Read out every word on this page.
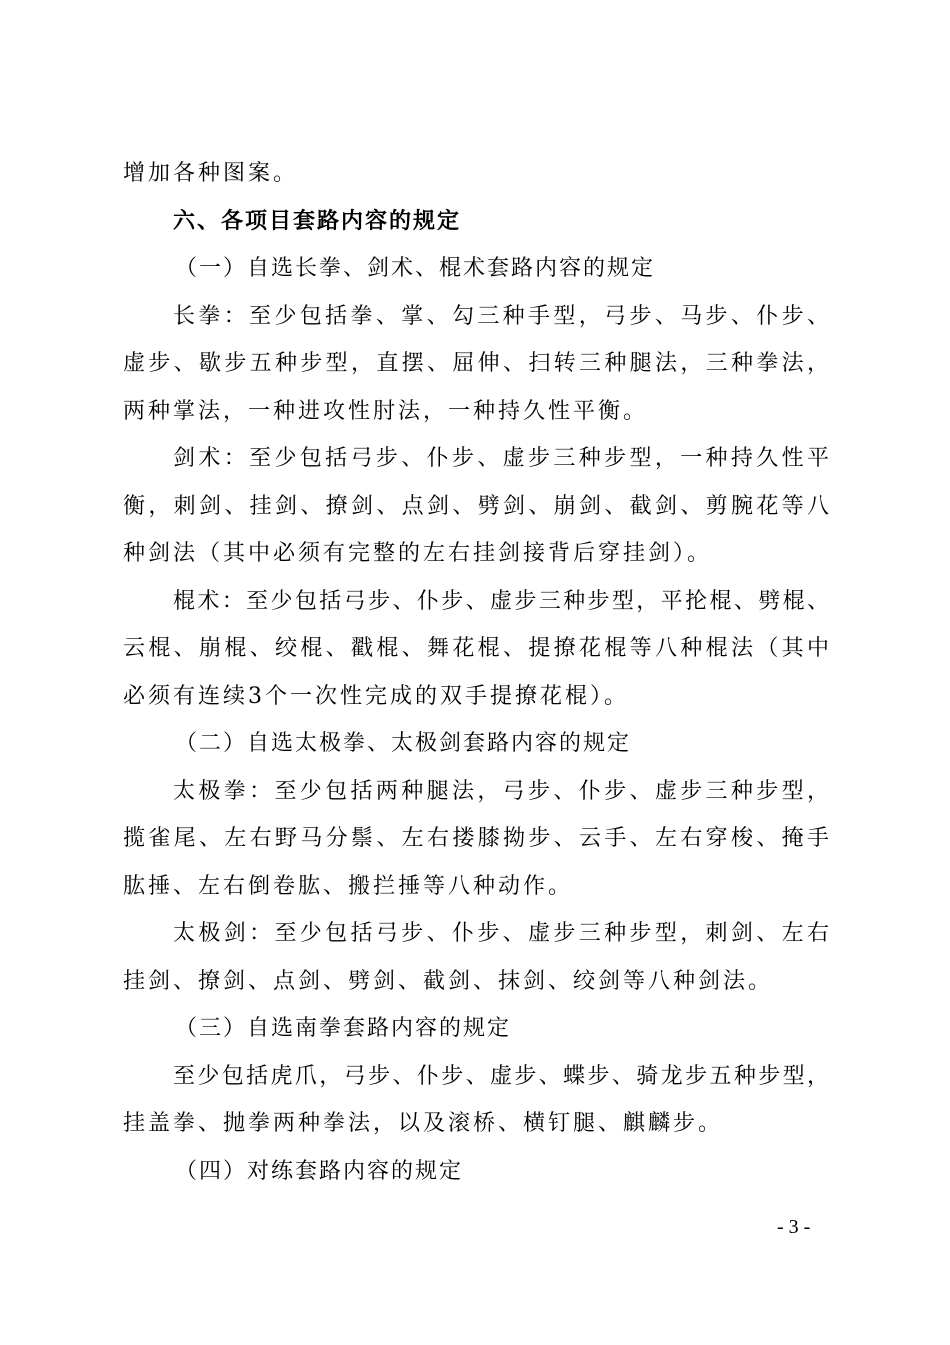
增加各种图案。
六、各项目套路内容的规定
（一）自选长拳、剑术、棍术套路内容的规定
长拳：至少包括拳、掌、勾三种手型，弓步、马步、仆步、
虚步、歇步五种步型，直摆、屈伸、扫转三种腿法，三种拳法，
两种掌法，一种进攻性肘法，一种持久性平衡。
剑术：至少包括弓步、仆步、虚步三种步型，一种持久性平
衡，刺剑、挂剑、撩剑、点剑、劈剑、崩剑、截剑、剪腕花等八
种剑法（其中必须有完整的左右挂剑接背后穿挂剑）。
棍术：至少包括弓步、仆步、虚步三种步型，平抡棍、劈棍、
云棍、崩棍、绞棍、戳棍、舞花棍、提撩花棍等八种棍法（其中
必须有连续3个一次性完成的双手提撩花棍）。
（二）自选太极拳、太极剑套路内容的规定
太极拳：至少包括两种腿法，弓步、仆步、虚步三种步型，
揽雀尾、左右野马分鬃、左右搂膝拗步、云手、左右穿梭、掩手
肱捶、左右倒卷肱、搬拦捶等八种动作。
太极剑：至少包括弓步、仆步、虚步三种步型，刺剑、左右
挂剑、撩剑、点剑、劈剑、截剑、抹剑、绞剑等八种剑法。
（三）自选南拳套路内容的规定
至少包括虎爪，弓步、仆步、虚步、蝶步、骑龙步五种步型，
挂盖拳、抛拳两种拳法，以及滚桥、横钉腿、麒麟步。
（四）对练套路内容的规定
- 3 -
